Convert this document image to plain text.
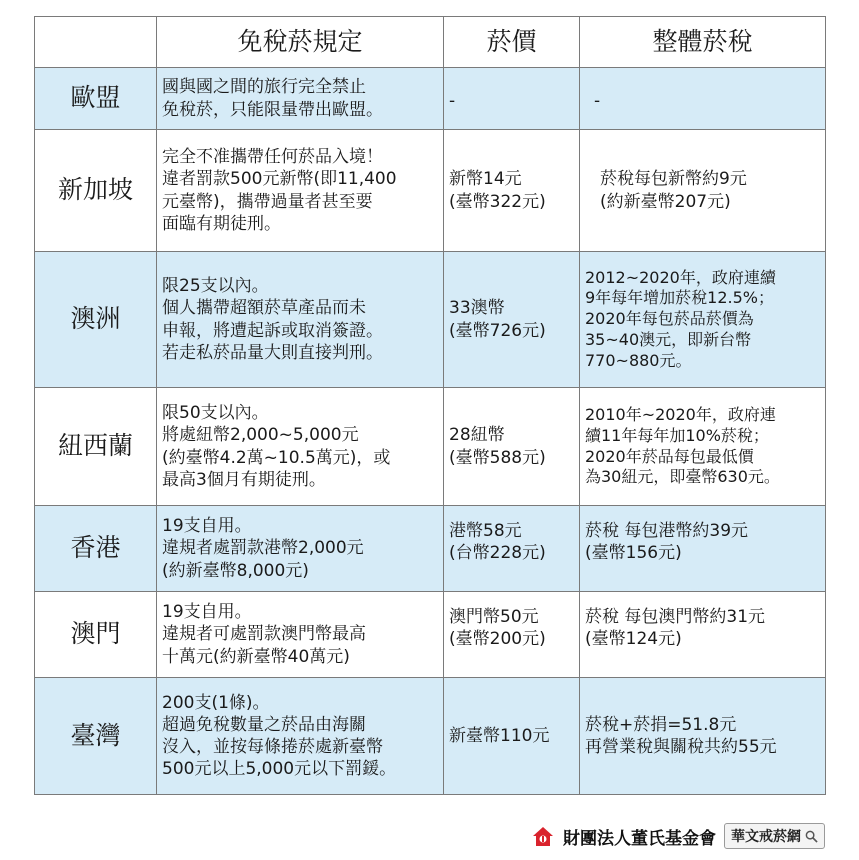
	免稅菸規定	菸價	整體菸稅
歐盟	國與國之間的旅行完全禁止
免稅菸，只能限量帶出歐盟。	-	-

新加坡	完全不准攜帶任何菸品入境！
違者罰款500元新幣(即11,400
元臺幣)，攜帶過量者甚至要
面臨有期徒刑。	新幣14元
(臺幣322元)	菸稅每包新幣約9元
(約新臺幣207元)

澳洲	限25支以內。
個人攜帶超額菸草產品而未
申報，將遭起訴或取消簽證。
若走私菸品量大則直接判刑。	33澳幣
(臺幣726元)	2012~2020年，政府連續
9年每年增加菸稅12.5%；
2020年每包菸品菸價為
35~40澳元，即新台幣
770~880元。

紐西蘭	限50支以內。
將處紐幣2,000~5,000元
(約臺幣4.2萬~10.5萬元)，或
最高3個月有期徒刑。	28紐幣
(臺幣588元)	2010年~2020年，政府連
續11年每年加10%菸稅；
2020年菸品每包最低價
為30紐元，即臺幣630元。

香港	19支自用。
違規者處罰款港幣2,000元
(約新臺幣8,000元)	港幣58元
(台幣228元)	菸稅 每包港幣約39元
(臺幣156元)

澳門	19支自用。
違規者可處罰款澳門幣最高
十萬元(約新臺幣40萬元)	澳門幣50元
(臺幣200元)	菸稅 每包澳門幣約31元
(臺幣124元)

臺灣	200支(1條)。
超過免稅數量之菸品由海關
沒入，並按每條捲菸處新臺幣
500元以上5,000元以下罰鍰。	新臺幣110元	菸稅+菸捐=51.8元
再營業稅與關稅共約55元
財團法人董氏基金會 華文戒菸網
